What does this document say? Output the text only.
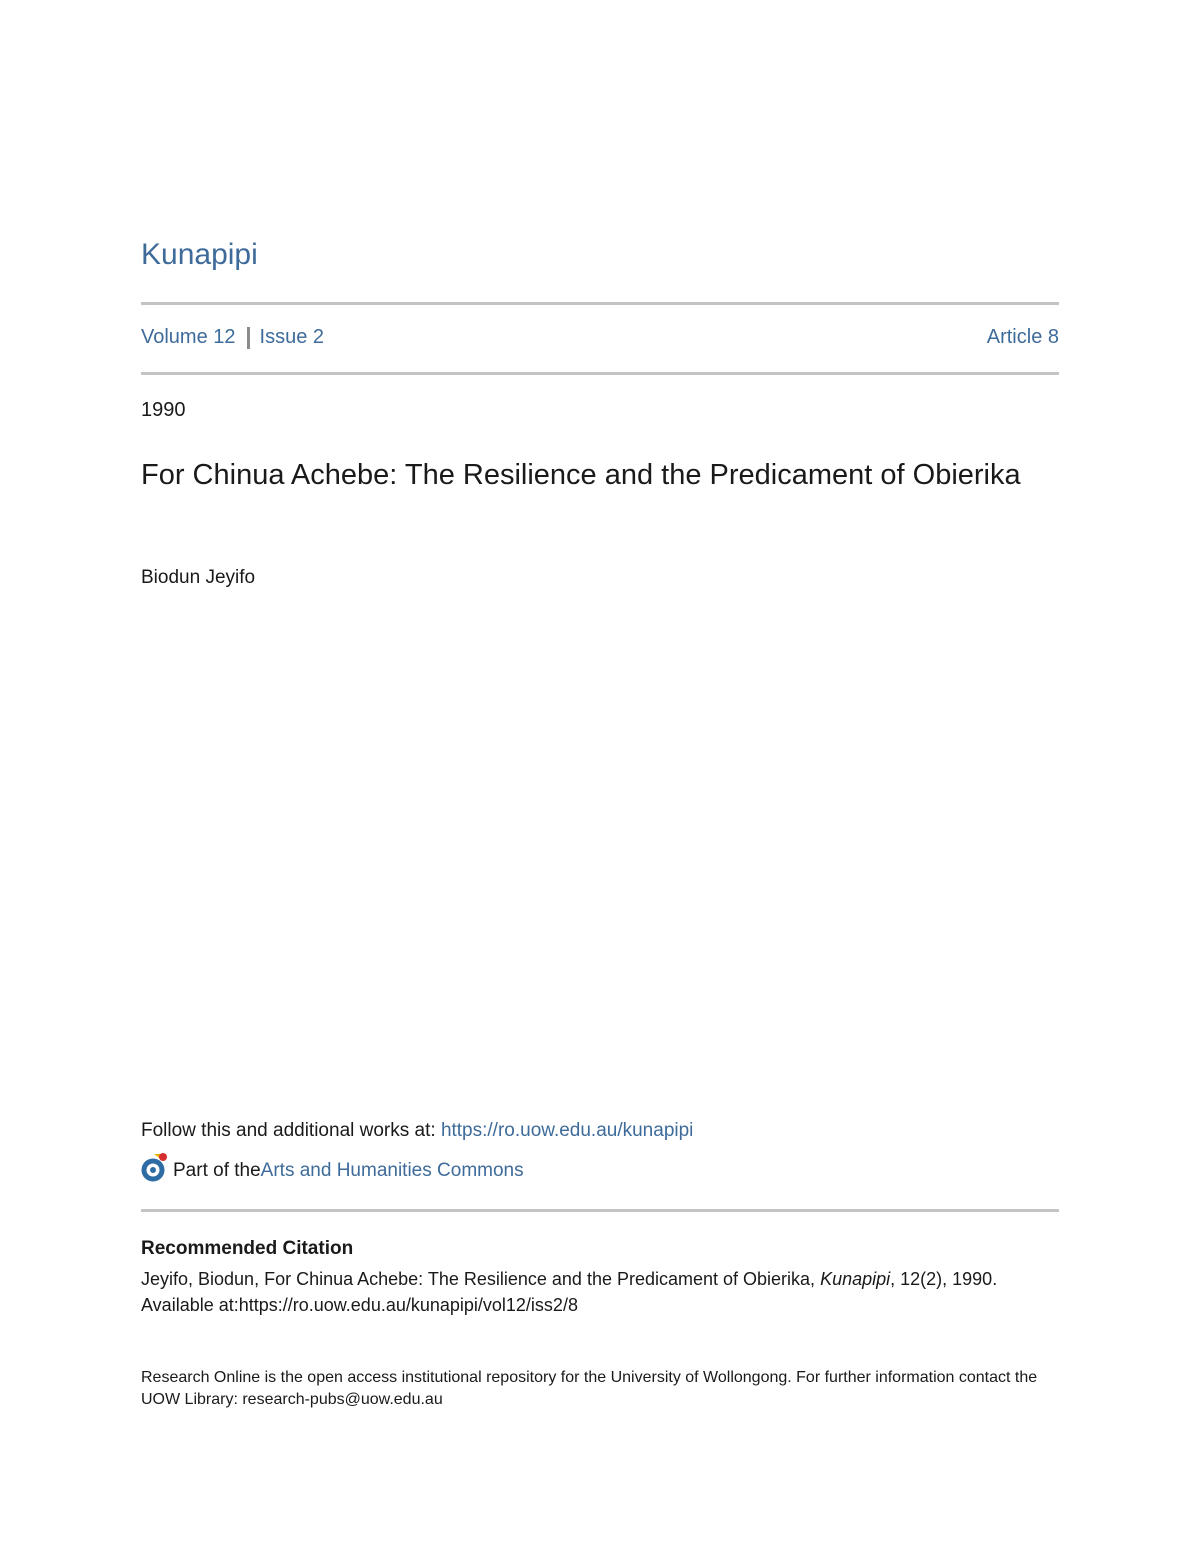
Kunapipi
Volume 12 Issue 2	Article 8
1990
For Chinua Achebe: The Resilience and the Predicament of Obierika
Biodun Jeyifo
Follow this and additional works at: https://ro.uow.edu.au/kunapipi
Part of the Arts and Humanities Commons
Recommended Citation
Jeyifo, Biodun, For Chinua Achebe: The Resilience and the Predicament of Obierika, Kunapipi, 12(2), 1990.
Available at:https://ro.uow.edu.au/kunapipi/vol12/iss2/8
Research Online is the open access institutional repository for the University of Wollongong. For further information contact the UOW Library: research-pubs@uow.edu.au
